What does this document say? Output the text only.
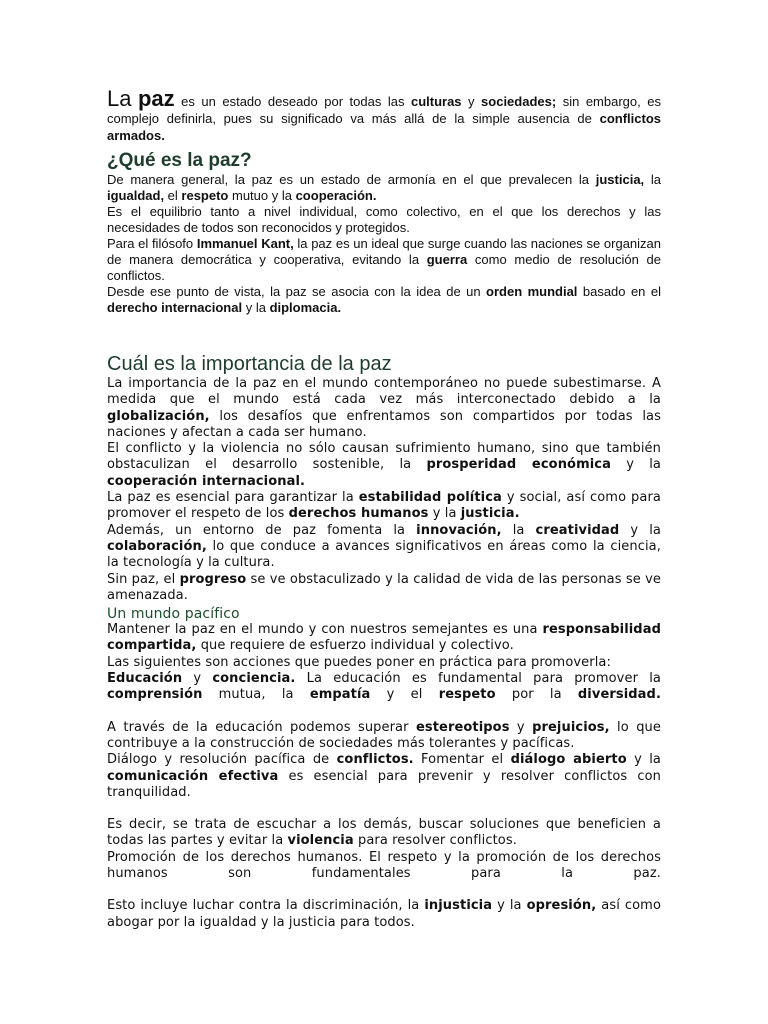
La paz es un estado deseado por todas las culturas y sociedades; sin embargo, es complejo definirla, pues su significado va más allá de la simple ausencia de conflictos armados.

¿Qué es la paz?

De manera general, la paz es un estado de armonía en el que prevalecen la justicia, la igualdad, el respeto mutuo y la cooperación.

Es el equilibrio tanto a nivel individual, como colectivo, en el que los derechos y las necesidades de todos son reconocidos y protegidos.

Para el filósofo Immanuel Kant, la paz es un ideal que surge cuando las naciones se organizan de manera democrática y cooperativa, evitando la guerra como medio de resolución de conflictos.

Desde ese punto de vista, la paz se asocia con la idea de un orden mundial basado en el derecho internacional y la diplomacia.

Cuál es la importancia de la paz

La importancia de la paz en el mundo contemporáneo no puede subestimarse. A medida que el mundo está cada vez más interconectado debido a la globalización, los desafíos que enfrentamos son compartidos por todas las naciones y afectan a cada ser humano.

El conflicto y la violencia no sólo causan sufrimiento humano, sino que también obstaculizan el desarrollo sostenible, la prosperidad económica y la cooperación internacional.

La paz es esencial para garantizar la estabilidad política y social, así como para promover el respeto de los derechos humanos y la justicia.

Además, un entorno de paz fomenta la innovación, la creatividad y la colaboración, lo que conduce a avances significativos en áreas como la ciencia, la tecnología y la cultura.

Sin paz, el progreso se ve obstaculizado y la calidad de vida de las personas se ve amenazada.

Un mundo pacífico

Mantener la paz en el mundo y con nuestros semejantes es una responsabilidad compartida, que requiere de esfuerzo individual y colectivo.

Las siguientes son acciones que puedes poner en práctica para promoverla:

Educación y conciencia. La educación es fundamental para promover la comprensión mutua, la empatía y el respeto por la diversidad.

A través de la educación podemos superar estereotipos y prejuicios, lo que contribuye a la construcción de sociedades más tolerantes y pacíficas.

Diálogo y resolución pacífica de conflictos. Fomentar el diálogo abierto y la comunicación efectiva es esencial para prevenir y resolver conflictos con tranquilidad.

Es decir, se trata de escuchar a los demás, buscar soluciones que beneficien a todas las partes y evitar la violencia para resolver conflictos.

Promoción de los derechos humanos. El respeto y la promoción de los derechos humanos son fundamentales para la paz.

Esto incluye luchar contra la discriminación, la injusticia y la opresión, así como abogar por la igualdad y la justicia para todos.
